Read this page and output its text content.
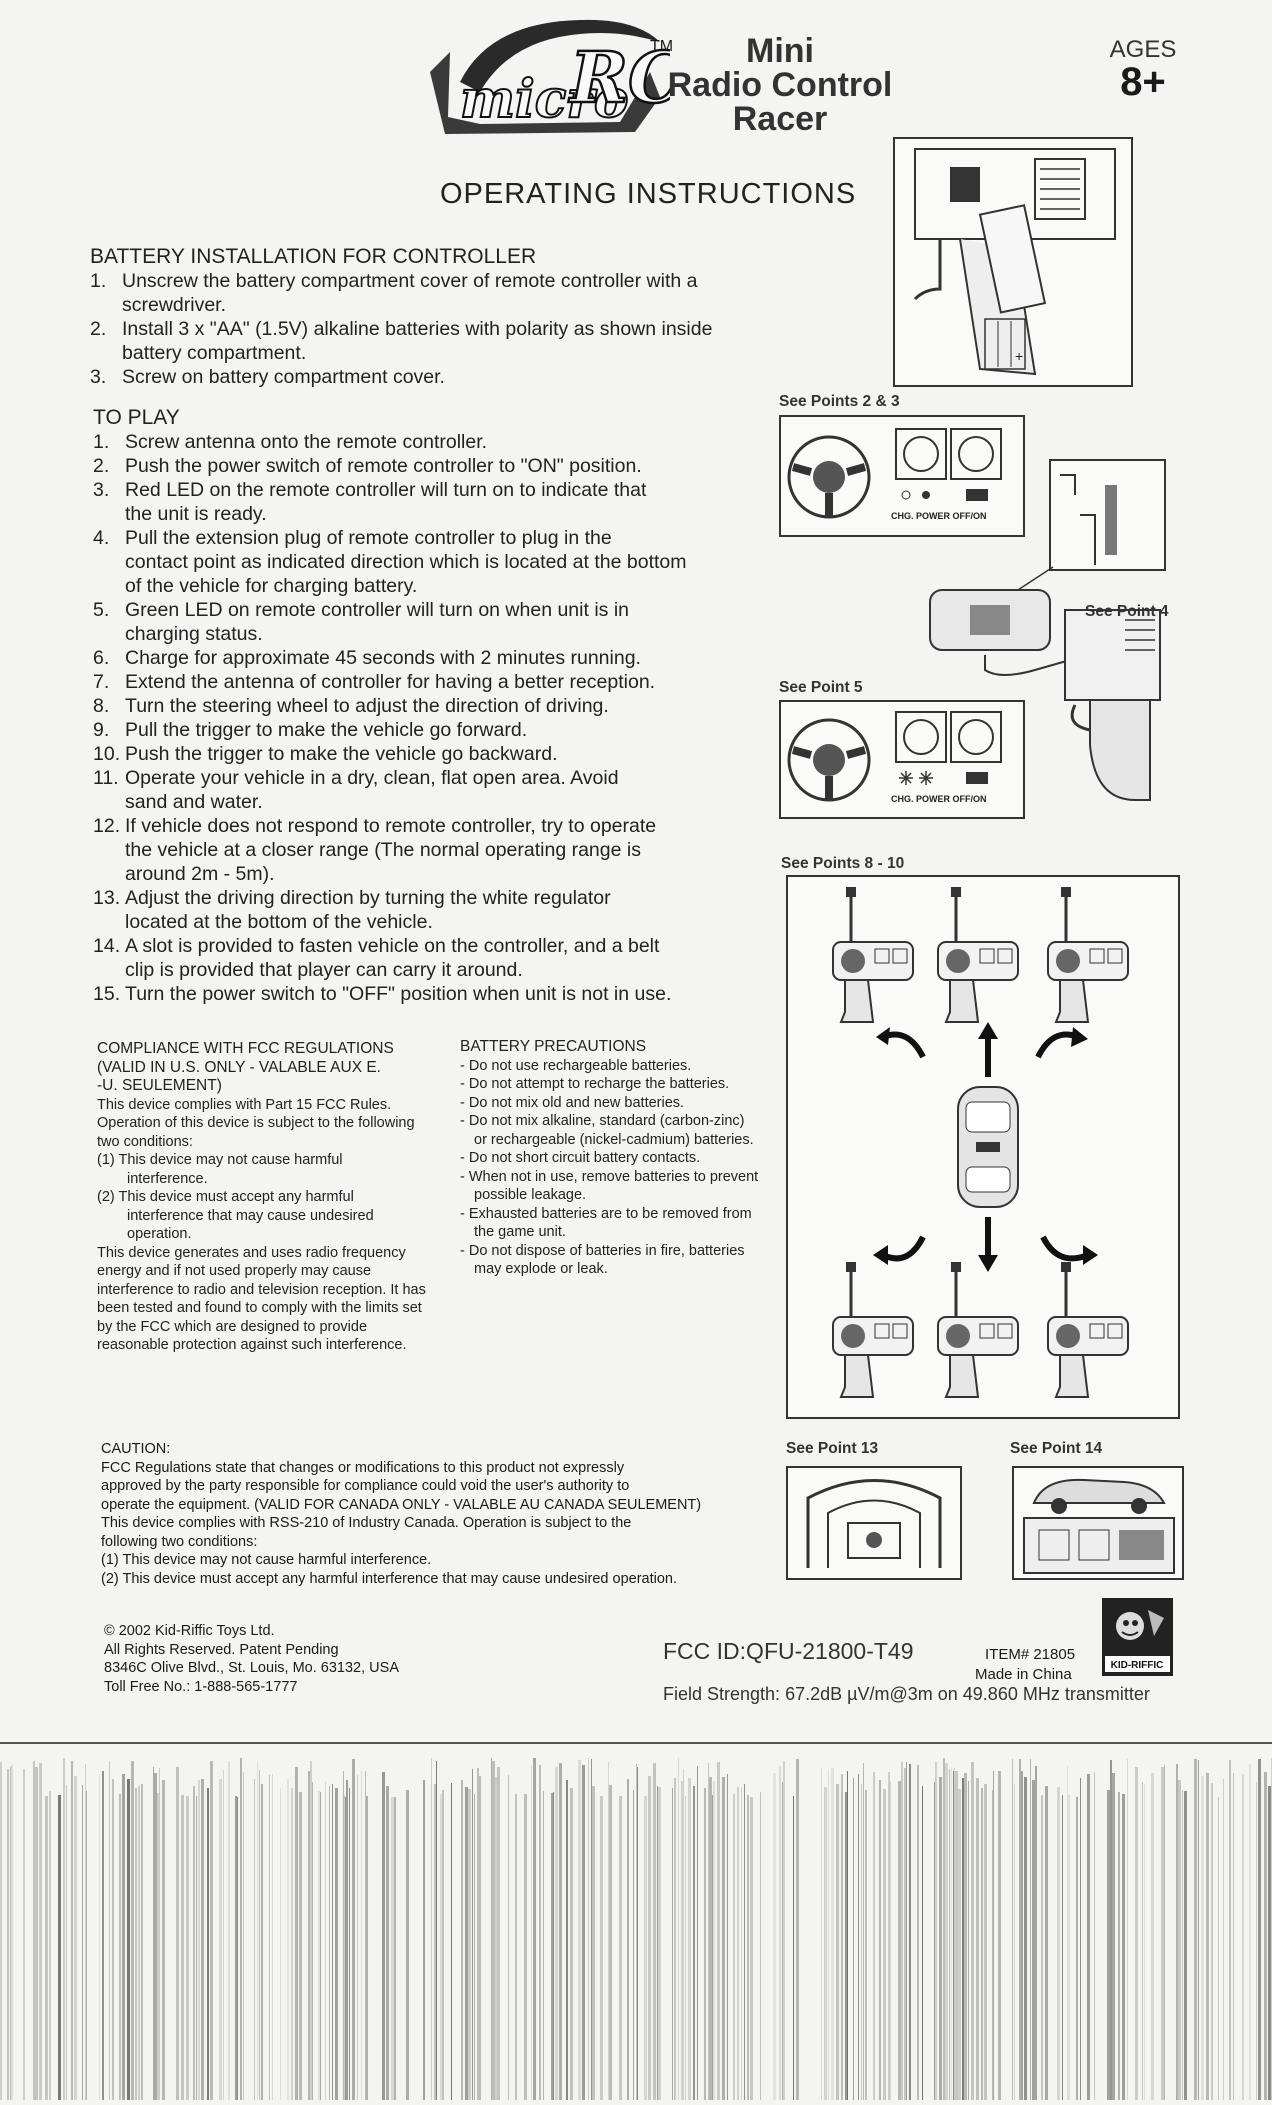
micro
R	TM	Mini
Radio Control
Racer
AGES
8+
OPERATING INSTRUCTIONS
BATTERY INSTALLATION FOR CONTROLLER
1. Unscrew the battery compartment cover of remote controller with a
screwdriver.
2. Install 3 x "AA" (1.5V) alkaline batteries with polarity as shown inside
battery compartment.
3. Screw on battery compartment cover.
TO PLAY
1. Screw antenna onto the remote controller.
2. Push the power switch of remote controller to "ON" position.
3. Red LED on the remote controller will turn on to indicate that
the unit is ready.
4. Pull the extension plug of remote controller to plug in the
contact point as indicated direction which is located at the bottom
of the vehicle for charging battery.
5. Green LED on remote controller will turn on when unit is in
charging status.
6. Charge for approximate 45 seconds with 2 minutes running.
7. Extend the antenna of controller for having a better reception.
8. Turn the steering wheel to adjust the direction of driving.
9. Pull the trigger to make the vehicle go forward.
10. Push the trigger to make the vehicle go backward.
11. Operate your vehicle in a dry, clean, flat open area. Avoid
sand and water.
12. If vehicle does not respond to remote controller, try to operate
the vehicle at a closer range (The normal operating range is
around 2m - 5m).
13. Adjust the driving direction by turning the white regulator
located at the bottom of the vehicle.
14. A slot is provided to fasten vehicle on the controller, and a belt
clip is provided that player can carry it around.
15. Turn the power switch to "OFF" position when unit is not in use.
COMPLIANCE WITH FCC REGULATIONS
(VALID IN U.S. ONLY - VALABLE AUX E.
-U. SEULEMENT)
This device complies with Part 15 FCC Rules. Operation of this device is subject to the following two conditions:
(1) This device may not cause harmful interference.
(2) This device must accept any harmful interference that may cause undesired operation.
This device generates and uses radio frequency energy and if not used properly may cause interference to radio and television reception. It has been tested and found to comply with the limits set by the FCC which are designed to provide reasonable protection against such interference.
BATTERY PRECAUTIONS
- Do not use rechargeable batteries.
- Do not attempt to recharge the batteries.
- Do not mix old and new batteries.
- Do not mix alkaline, standard (carbon-zinc) or rechargeable (nickel-cadmium) batteries.
- Do not short circuit battery contacts.
- When not in use, remove batteries to prevent possible leakage.
- Exhausted batteries are to be removed from the game unit.
- Do not dispose of batteries in fire, batteries may explode or leak.
CAUTION:
FCC Regulations state that changes or modifications to this product not expressly
approved by the party responsible for compliance could void the user's authority to
operate the equipment. (VALID FOR CANADA ONLY - VALABLE AU CANADA SEULEMENT)
This device complies with RSS-210 of Industry Canada. Operation is subject to the
following two conditions:
(1) This device may not cause harmful interference.
(2) This device must accept any harmful interference that may cause undesired operation.
© 2002 Kid-Riffic Toys Ltd.
All Rights Reserved. Patent Pending
8346C Olive Blvd., St. Louis, Mo. 63132, USA
Toll Free No.: 1-888-565-1777
FCC ID:QFU-21800-T49	ITEM# 21805
Made in China
Field Strength: 67.2dB µV/m@3m on 49.860 MHz transmitter
KID-RIFFIC
+
See Points 2 & 3
CHG. POWER OFF/ON
See Point 4
See Point 5
CHG. POWER OFF/ON
See Points 8 - 10
See Point 13	See Point 14
